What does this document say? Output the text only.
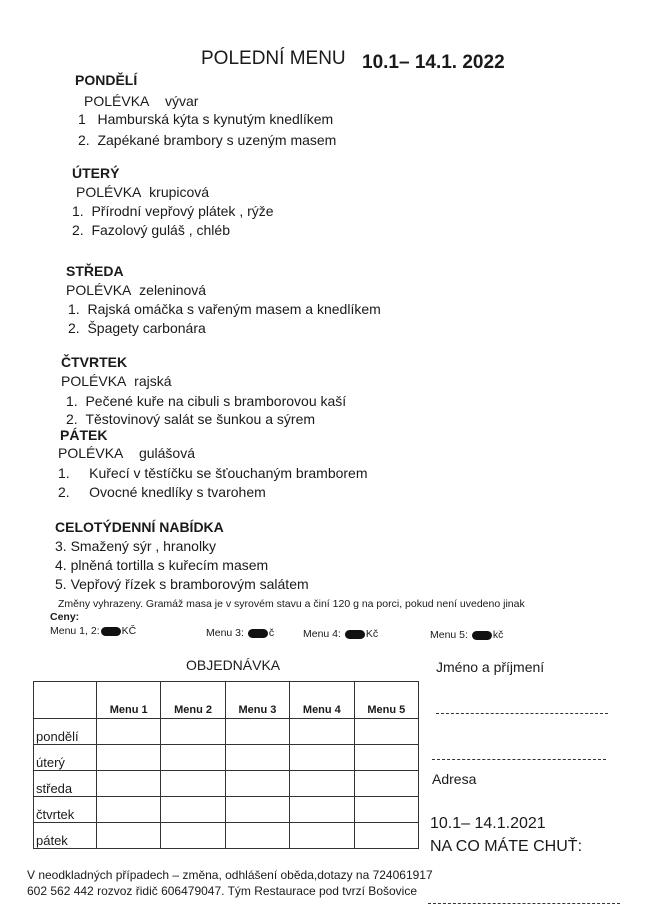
POLEDNÍ MENU 10.1– 14.1. 2022
PONDĚLÍ
POLÉVKA vývar
1 Hamburská kýta s kynutým knedlíkem
2. Zapékané brambory s uzeným masem
ÚTERÝ
POLÉVKA krupicová
1. Přírodní vepřový plátek , rýže
2. Fazolový guláš , chléb
STŘEDA
POLÉVKA zeleninová
1. Rajská omáčka s vařeným masem a knedlíkem
2. Špagety carbonára
ČTVRTEK
POLÉVKA rajská
1. Pečené kuře na cibuli s bramborovou kaší
2. Těstovinový salát se šunkou a sýrem
PÁTEK
POLÉVKA gulášová
1. Kuřecí v těstíčku se šťouchaným bramborem
2. Ovocné knedlíky s tvarohem
CELOTÝDENNÍ NABÍDKA
3. Smažený sýr , hranolky
4. plněná tortilla s kuřecím masem
5. Vepřový řízek s bramborovým salátem
Změny vyhrazeny. Gramáž masa je v syrovém stavu a činí 120 g na porci, pokud není uvedeno jinak
Ceny:
Menu 1, 2: KČ	Menu 3: č	Menu 4: Kč	Menu 5: kč
OBJEDNÁVKA
	Menu 1	Menu 2	Menu 3	Menu 4	Menu 5
pondělí					
úterý					
středa					
čtvrtek					
pátek					
Jméno a příjmení
Adresa
10.1– 14.1.2021
NA CO MÁTE CHUŤ:
V neodkladných případech – změna, odhlášení oběda,dotazy na 724061917
602 562 442 rozvoz řidič 606479047. Tým Restaurace pod tvrzí Bošovice
